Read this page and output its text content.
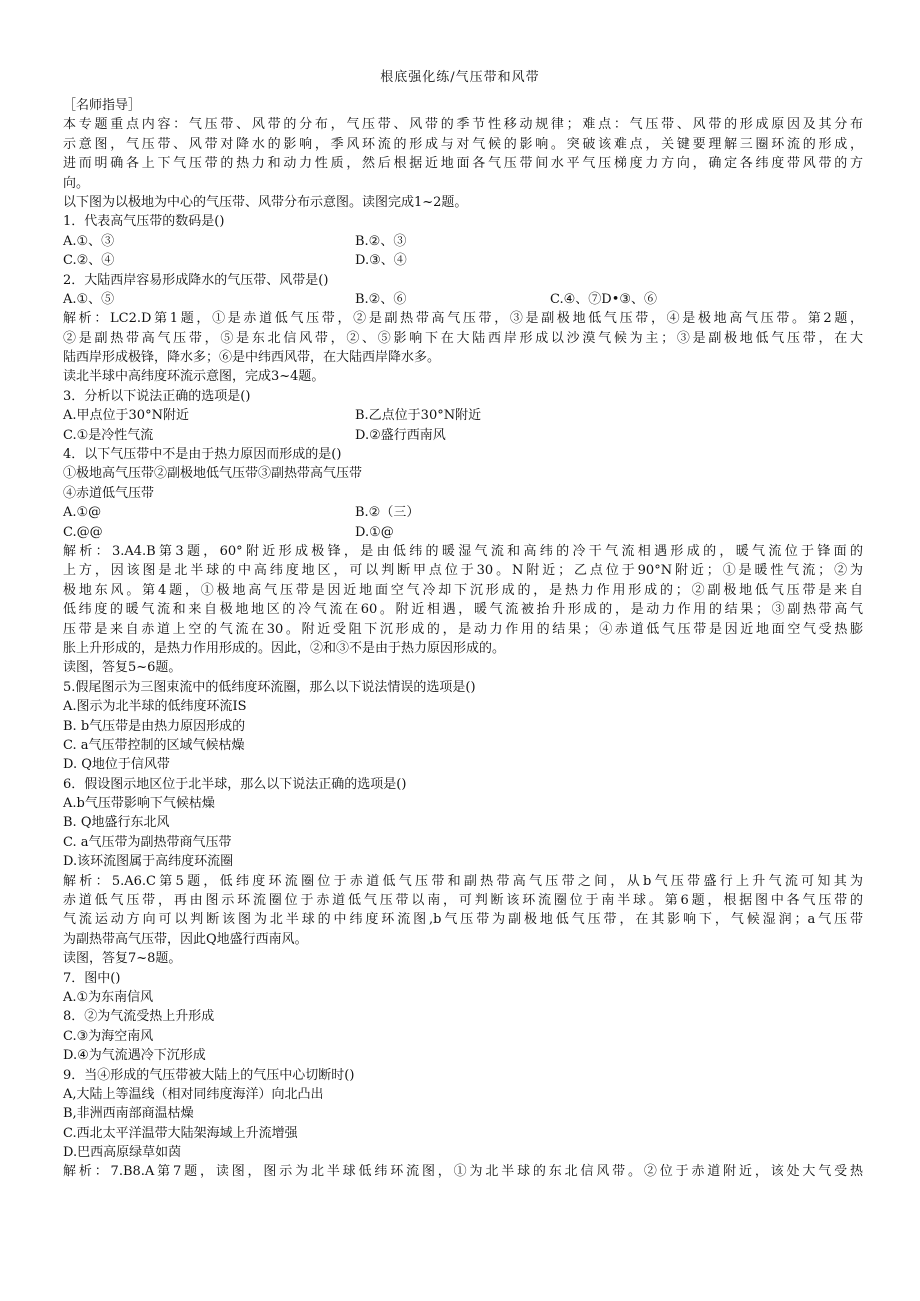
根底强化练/气压带和风带
［名师指导］
本专题重点内容：气压带、风带的分布，气压带、风带的季节性移动规律；难点：气压带、风带的形成原因及其分布
示意图，气压带、风带对降水的影响，季风环流的形成与对气候的影响。突破该难点，关键要理解三圈环流的形成，
进而明确各上下气压带的热力和动力性质，然后根据近地面各气压带间水平气压梯度力方向，确定各纬度带风带的方
向。
以下图为以极地为中心的气压带、风带分布示意图。读图完成1~2题。
1．代表高气压带的数码是()
A.①、③	B.②、③
C.②、④	D.③、④
2．大陆西岸容易形成降水的气压带、风带是()
A.①、⑤	B.②、⑥	C.④、⑦D•③、⑥
解析：LC2.D第1题，①是赤道低气压带，②是副热带高气压带，③是副极地低气压带，④是极地高气压带。第2题，
②是副热带高气压带，⑤是东北信风带，②、⑤影响下在大陆西岸形成以沙漠气候为主；③是副极地低气压带，在大
陆西岸形成极锋，降水多；⑥是中纬西风带，在大陆西岸降水多。
读北半球中高纬度环流示意图，完成3~4题。
3．分析以下说法正确的选项是()
A.甲点位于30°N附近	B.乙点位于30°N附近
C.①是冷性气流	D.②盛行西南风
4．以下气压带中不是由于热力原因而形成的是()
①极地高气压带②副极地低气压带③副热带高气压带
④赤道低气压带
A.①@	B.②（三）
C.@@	D.①@
解析：3.A4.B第3题，60°附近形成极锋，是由低纬的暖湿气流和高纬的冷干气流相遇形成的，暖气流位于锋面的
上方，因该图是北半球的中高纬度地区，可以判断甲点位于30。N附近；乙点位于90°N附近；①是暖性气流；②为
极地东风。第4题，①极地高气压带是因近地面空气冷却下沉形成的，是热力作用形成的；②副极地低气压带是来自
低纬度的暖气流和来自极地地区的冷气流在60。附近相遇，暖气流被抬升形成的，是动力作用的结果；③副热带高气
压带是来自赤道上空的气流在30。附近受阻下沉形成的，是动力作用的结果；④赤道低气压带是因近地面空气受热膨
胀上升形成的，是热力作用形成的。因此，②和③不是由于热力原因形成的。
读图，答复5~6题。
5.假尾图示为三图束流中的低纬度环流圈，那么以下说法情误的选项是()
A.图示为北半球的低纬度环流IS
B. b气压带是由热力原因形成的
C. a气压带控制的区域气候枯燥
D. Q地位于信风带
6．假设图示地区位于北半球，那么以下说法正确的选项是()
A.b气压带影响下气候枯燥
B. Q地盛行东北风
C. a气压带为副热带商气压带
D.该环流图属于高纬度环流圈
解析：5.A6.C第5题，低纬度环流圈位于赤道低气压带和副热带高气压带之间，从b气压带盛行上升气流可知其为
赤道低气压带，再由图示环流圈位于赤道低气压带以南，可判断该环流圈位于南半球。第6题，根据图中各气压带的
气流运动方向可以判断该图为北半球的中纬度环流图,b气压带为副极地低气压带，在其影响下，气候湿润；a气压带
为副热带高气压带，因此Q地盛行西南风。
读图，答复7~8题。
7．图中()
A.①为东南信风
8．②为气流受热上升形成
C.③为海空南风
D.④为气流遇冷下沉形成
9．当④形成的气压带被大陆上的气压中心切断时()
A,大陆上等温线（相对同纬度海洋）向北凸出
B,非洲西南部商温枯燥
C.西北太平洋温带大陆架海域上升流增强
D.巴西高原绿草如茵
解析：7.B8.A第7题，读图，图示为北半球低纬环流图，①为北半球的东北信风带。②位于赤道附近，该处大气受热
